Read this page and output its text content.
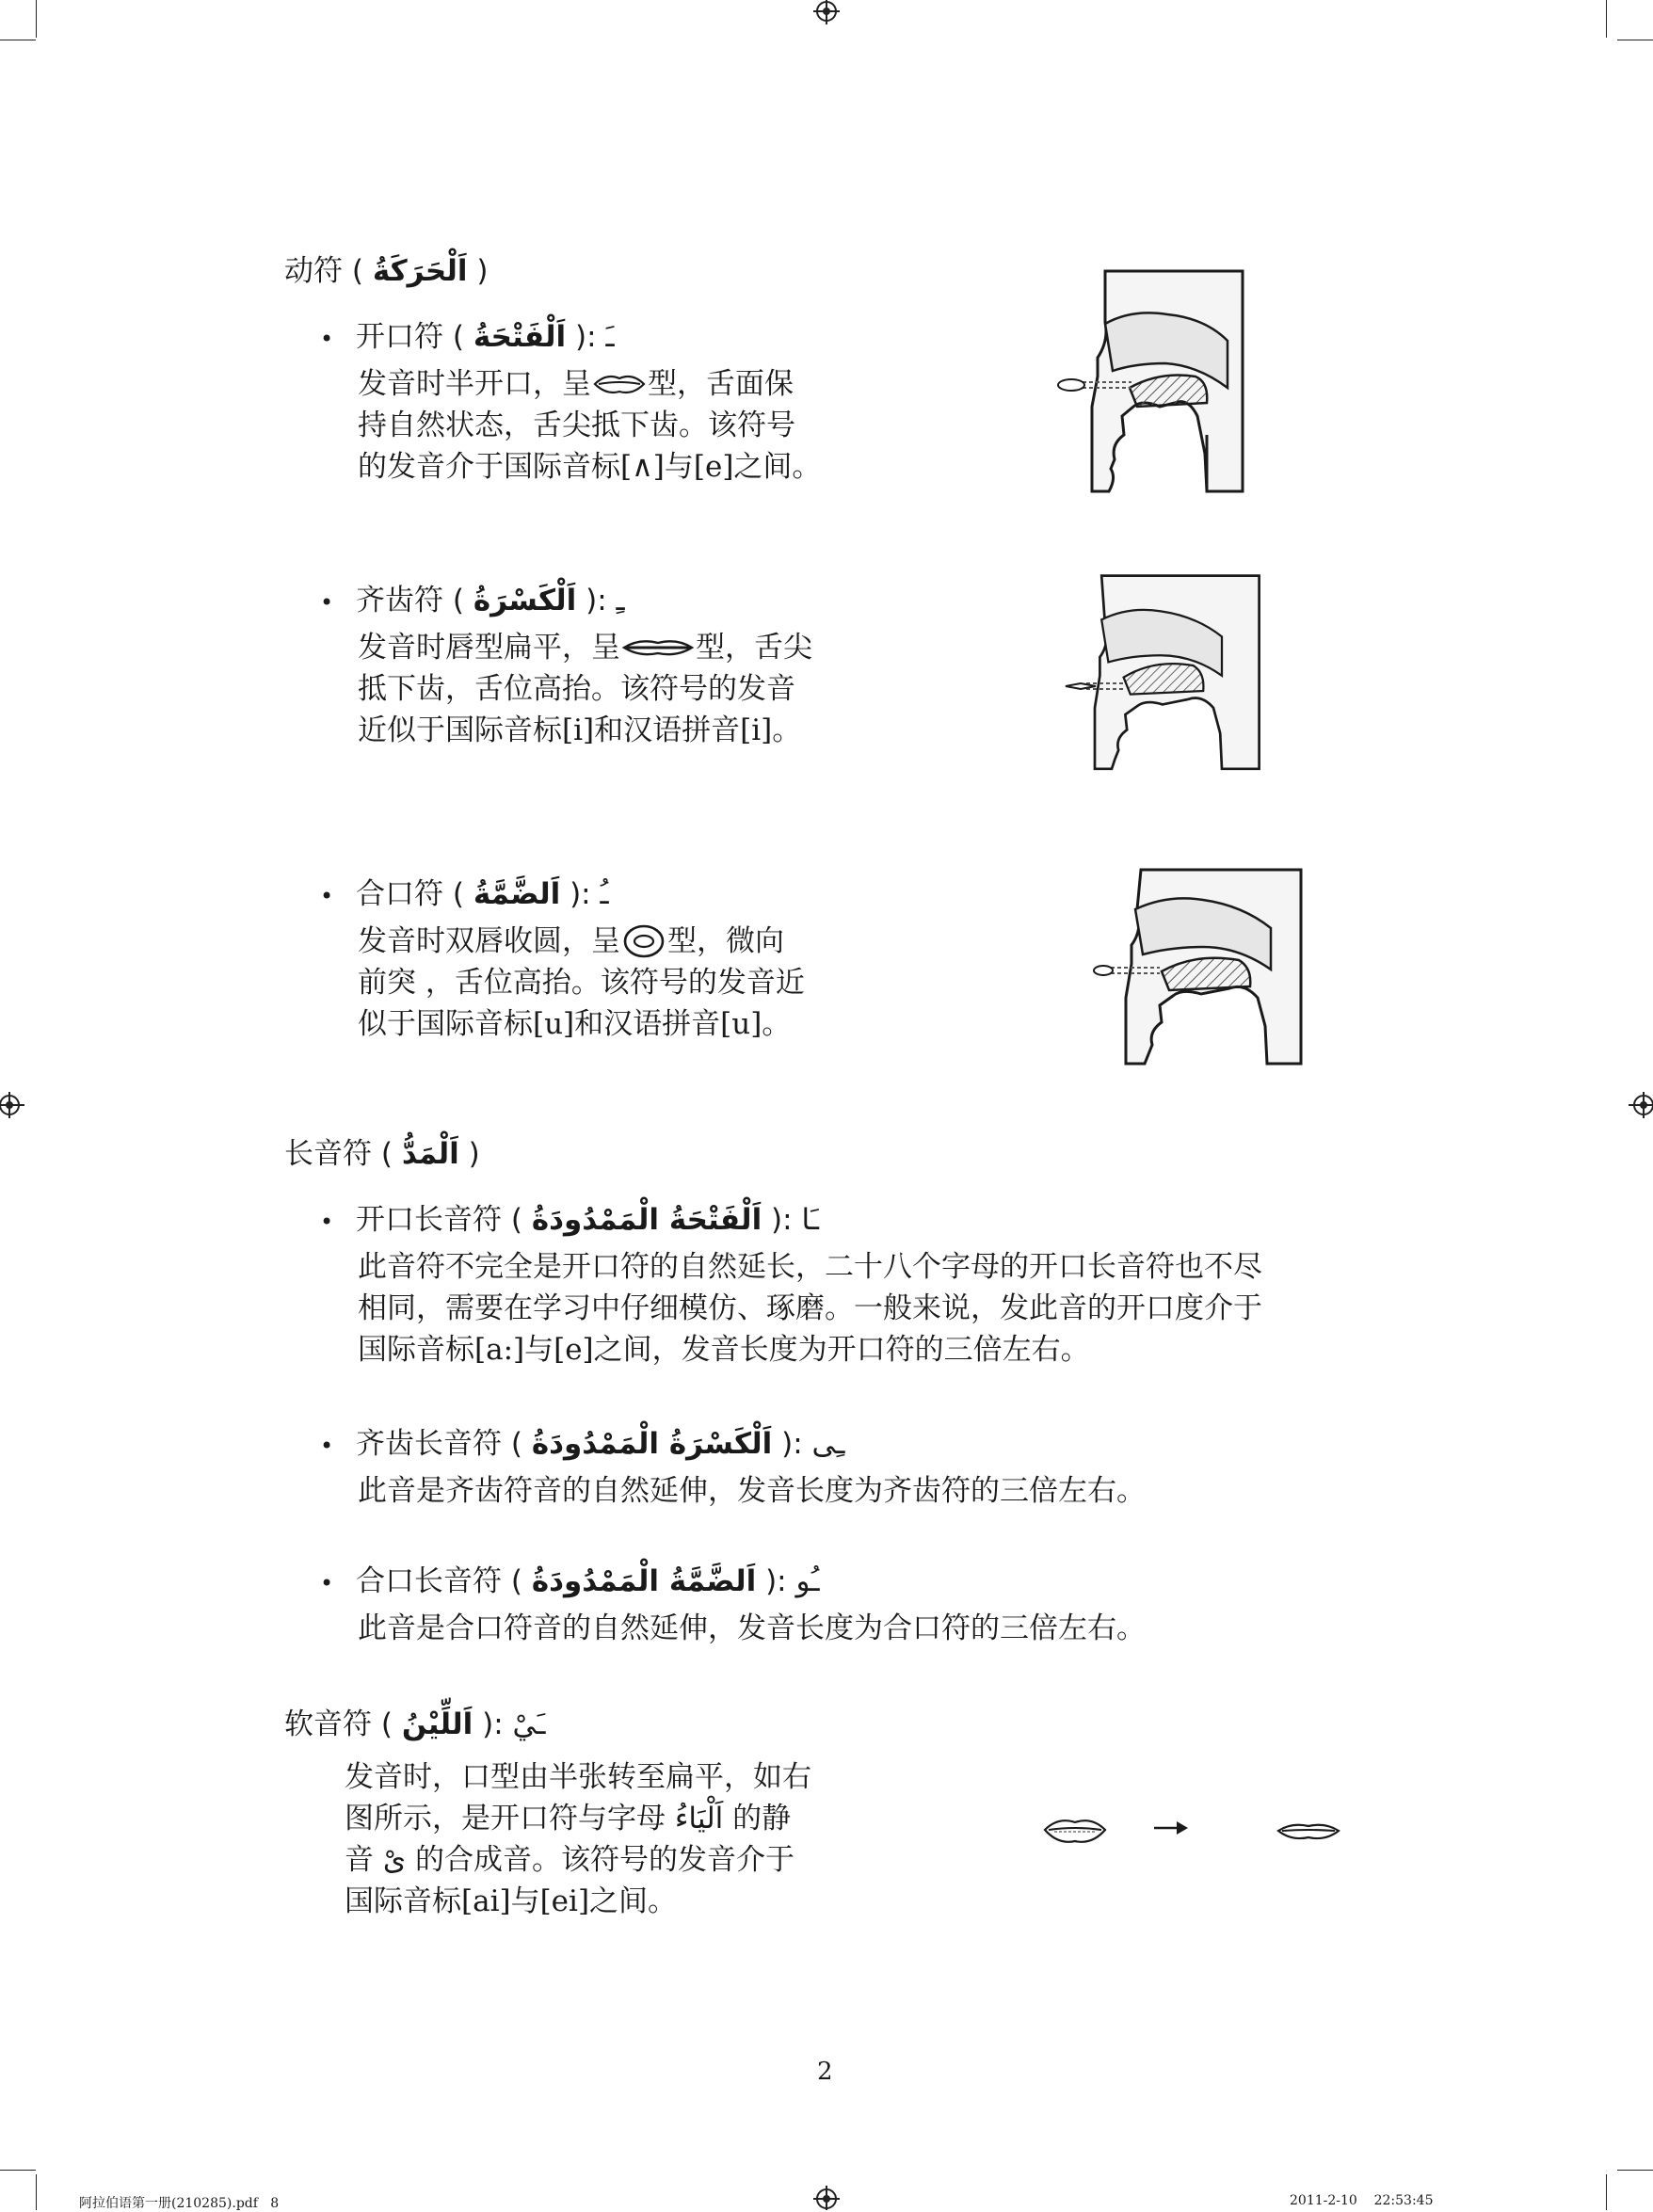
动符 ( اَلْحَرَكَةُ )
• 开口符 ( اَلْفَتْحَةُ ): ـَ
发音时半开口，呈 型，舌面保
持自然状态，舌尖抵下齿。该符号
的发音介于国际音标[∧]与[e]之间。
• 齐齿符 ( اَلْكَسْرَةُ ): ـِ
发音时唇型扁平，呈	型，舌尖
抵下齿，舌位高抬。该符号的发音
近似于国际音标[i]和汉语拼音[i]。
• 合口符 ( اَلضَّمَّةُ ): ـُ
发音时双唇收圆，呈 型，微向
前突 ，舌位高抬。该符号的发音近
似于国际音标[u]和汉语拼音[u]。
长音符 ( اَلْمَدُّ )
• 开口长音符 ( اَلْفَتْحَةُ الْمَمْدُودَةُ ): ـَا
此音符不完全是开口符的自然延长，二十八个字母的开口长音符也不尽
相同，需要在学习中仔细模仿、琢磨。一般来说，发此音的开口度介于
国际音标[a:]与[e]之间，发音长度为开口符的三倍左右。
• 齐齿长音符 ( اَلْكَسْرَةُ الْمَمْدُودَةُ ): ـِى
此音是齐齿符音的自然延伸，发音长度为齐齿符的三倍左右。
• 合口长音符 ( اَلضَّمَّةُ الْمَمْدُودَةُ ): ـُو
此音是合口符音的自然延伸，发音长度为合口符的三倍左右。
软音符 ( اَللِّيْنُ ): ـَيْ
发音时，口型由半张转至扁平，如右
图所示，是开口符与字母 اَلْيَاءُ 的静
音 ىْ 的合成音。该符号的发音介于
国际音标[ai]与[ei]之间。
2
阿拉伯语第一册(210285).pdf   8	2011-2-10    22:53:45
